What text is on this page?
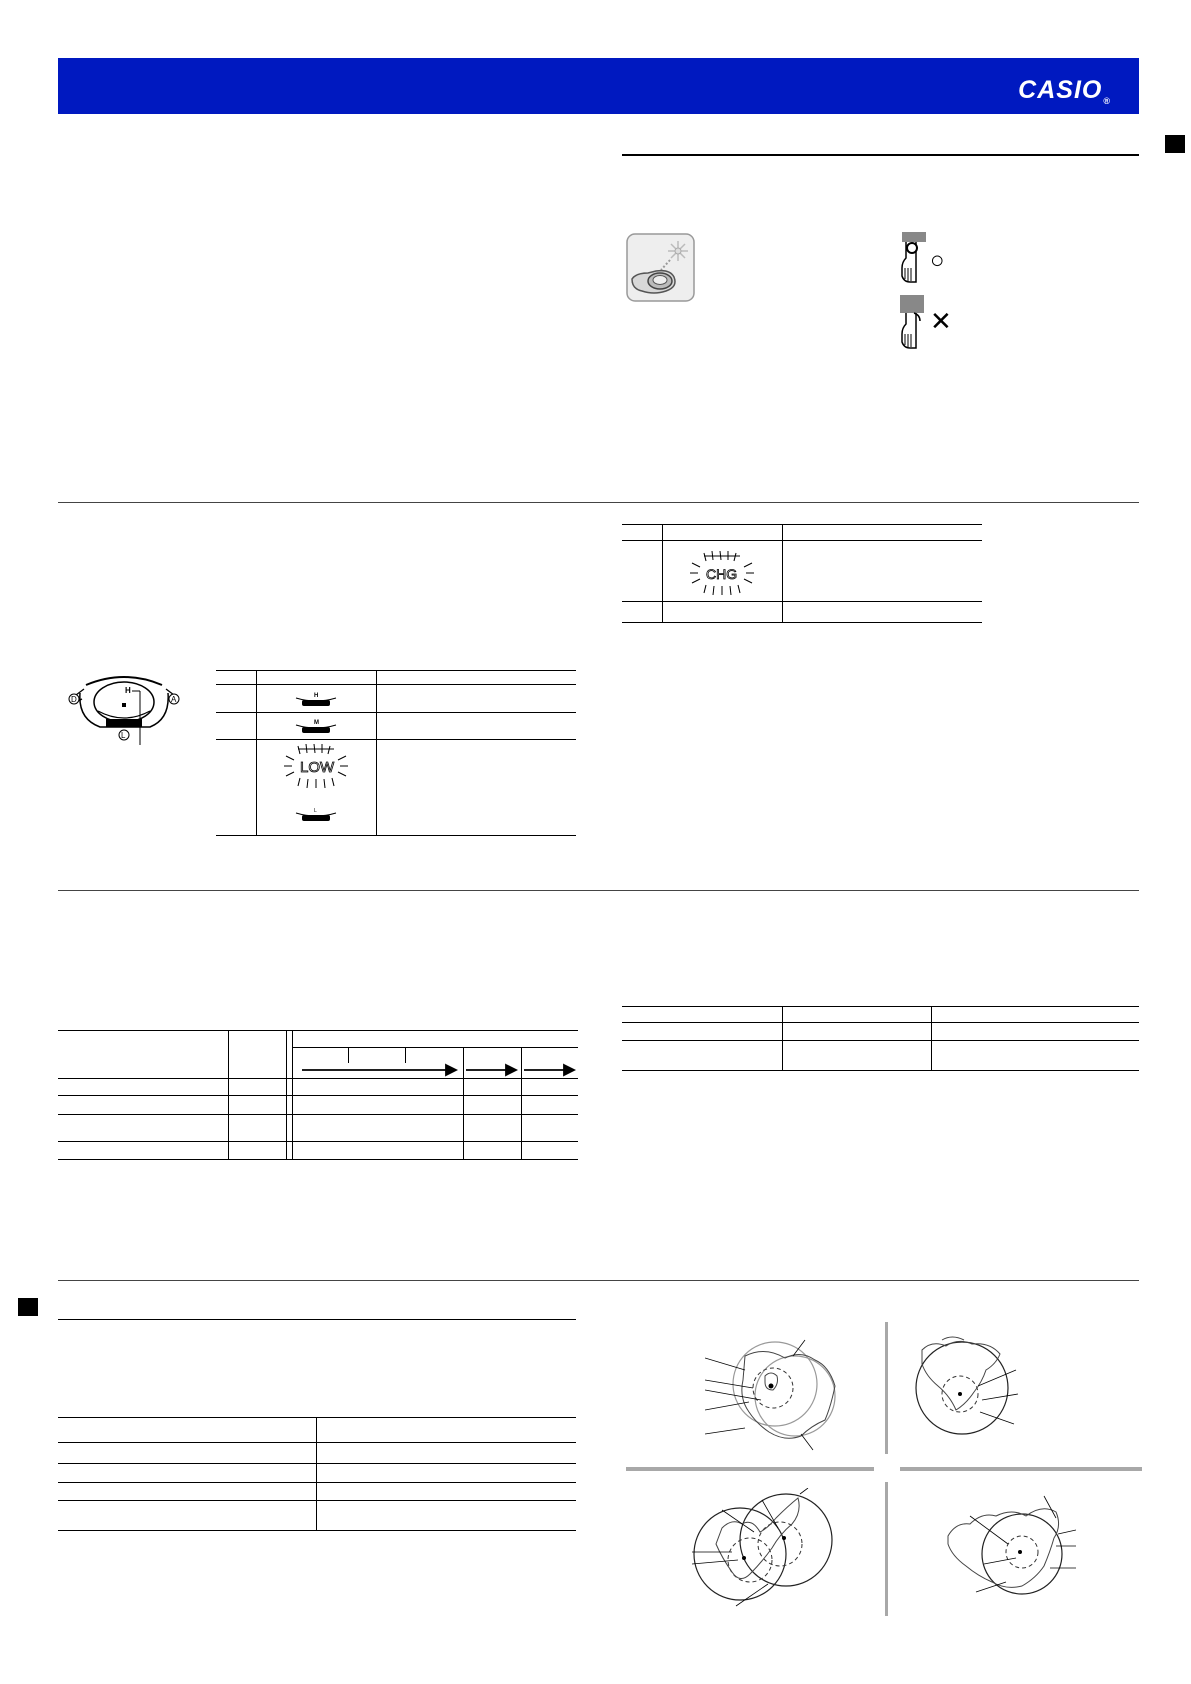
CASIO®
○
✕
H
D	A
L
H
M
LOW
L
CHG
